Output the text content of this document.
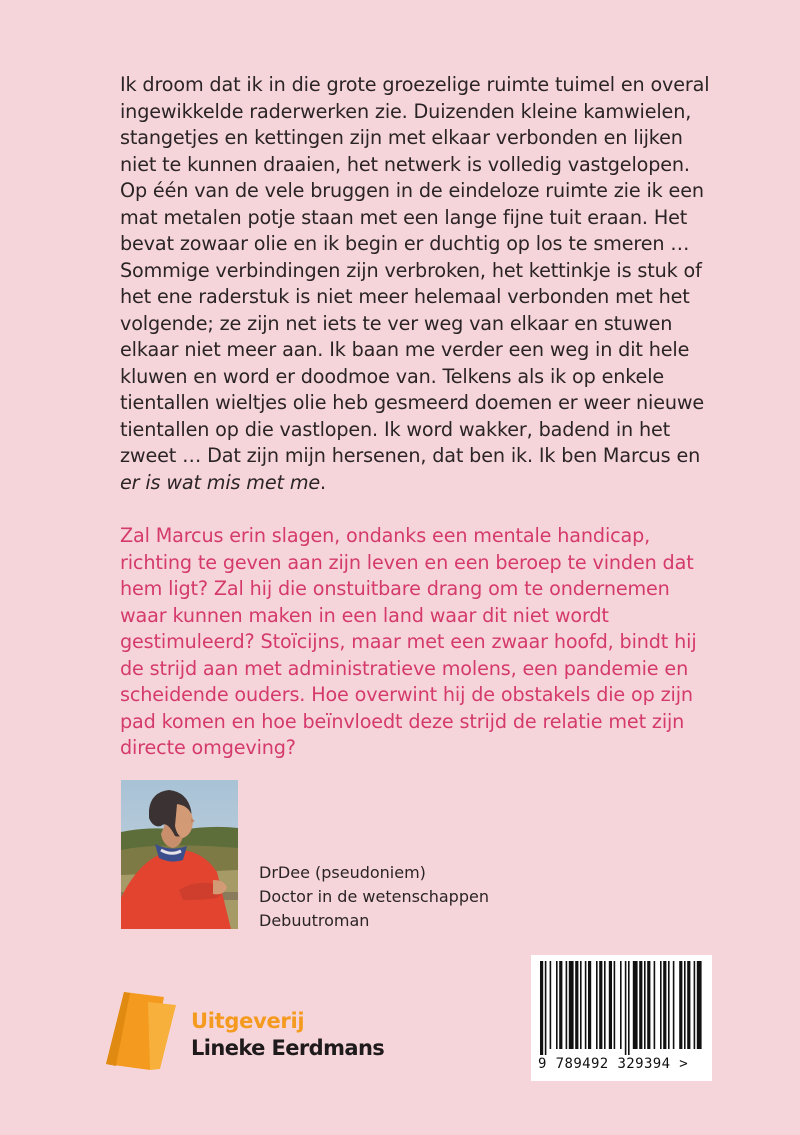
Ik droom dat ik in die grote groezelige ruimte tuimel en overal ingewikkelde raderwerken zie. Duizenden kleine kamwielen, stangetjes en kettingen zijn met elkaar verbonden en lijken niet te kunnen draaien, het netwerk is volledig vastgelopen. Op één van de vele bruggen in de eindeloze ruimte zie ik een mat metalen potje staan met een lange fijne tuit eraan. Het bevat zowaar olie en ik begin er duchtig op los te smeren … Sommige verbindingen zijn verbroken, het kettinkje is stuk of het ene raderstuk is niet meer helemaal verbonden met het volgende; ze zijn net iets te ver weg van elkaar en stuwen elkaar niet meer aan. Ik baan me verder een weg in dit hele kluwen en word er doodmoe van. Telkens als ik op enkele tientallen wieltjes olie heb gesmeerd doemen er weer nieuwe tientallen op die vastlopen. Ik word wakker, badend in het zweet … Dat zijn mijn hersenen, dat ben ik. Ik ben Marcus en er is wat mis met me.

Zal Marcus erin slagen, ondanks een mentale handicap, richting te geven aan zijn leven en een beroep te vinden dat hem ligt? Zal hij die onstuitbare drang om te ondernemen waar kunnen maken in een land waar dit niet wordt gestimuleerd? Stoïcijns, maar met een zwaar hoofd, bindt hij de strijd aan met administratieve molens, een pandemie en scheidende ouders. Hoe overwint hij de obstakels die op zijn pad komen en hoe beïnvloedt deze strijd de relatie met zijn directe omgeving?

DrDee (pseudoniem)
Doctor in de wetenschappen
Debuutroman
Uitgeverij
Lineke Eerdmans
9 789492 329394 >
